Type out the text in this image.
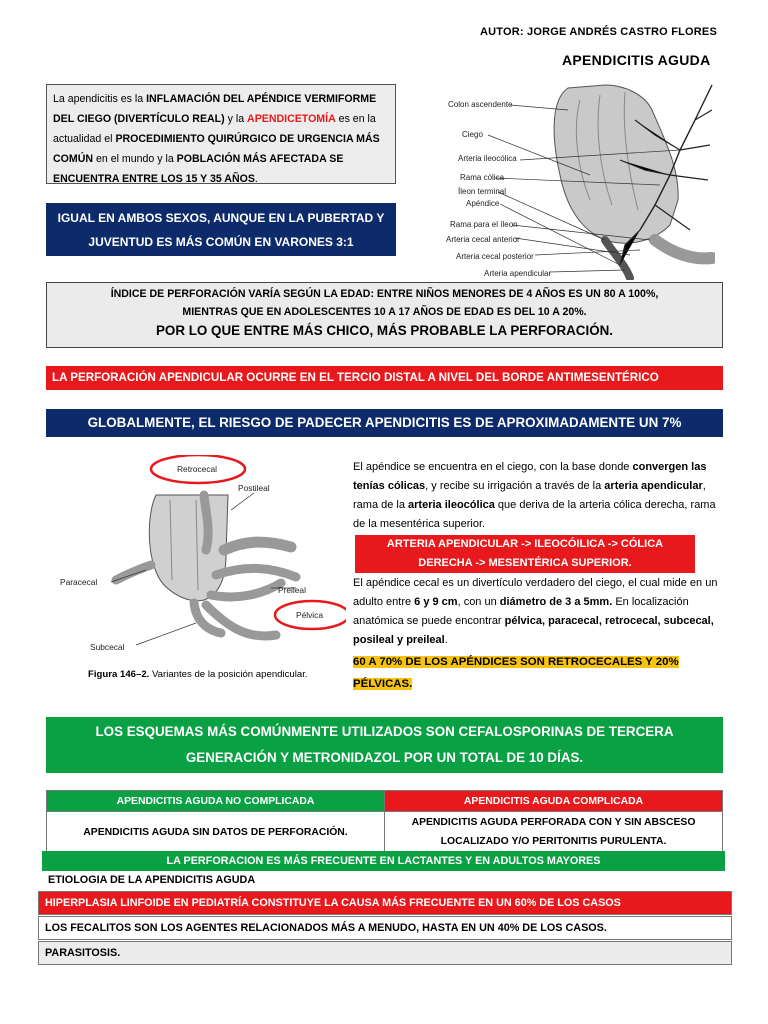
AUTOR: JORGE ANDRÉS CASTRO FLORES
APENDICITIS AGUDA
La apendicitis es la INFLAMACIÓN DEL APÉNDICE VERMIFORME DEL CIEGO (DIVERTÍCULO REAL) y la APENDICETOMÍA es en la actualidad el PROCEDIMIENTO QUIRÚRGICO DE URGENCIA MÁS COMÚN en el mundo y la POBLACIÓN MÁS AFECTADA SE ENCUENTRA ENTRE LOS 15 Y 35 AÑOS.
IGUAL EN AMBOS SEXOS, AUNQUE EN LA PUBERTAD Y
JUVENTUD ES MÁS COMÚN EN VARONES 3:1
Colon ascendente
Ciego
Arteria ileocólica
Rama cólica
Íleon terminal
Apéndice
Rama para el íleon
Arteria cecal anterior
Arteria cecal posterior
Arteria apendicular
ÍNDICE DE PERFORACIÓN VARÍA SEGÚN LA EDAD: ENTRE NIÑOS MENORES DE 4 AÑOS ES UN 80 A 100%,
MIENTRAS QUE EN ADOLESCENTES 10 A 17 AÑOS DE EDAD ES DEL 10 A 20%.
POR LO QUE ENTRE MÁS CHICO, MÁS PROBABLE LA PERFORACIÓN.
LA PERFORACIÓN APENDICULAR OCURRE EN EL TERCIO DISTAL A NIVEL DEL BORDE ANTIMESENTÉRICO
GLOBALMENTE, EL RIESGO DE PADECER APENDICITIS ES DE APROXIMADAMENTE UN 7%
Retrocecal
Postileal
Paracecal
Preileal
Subcecal
Pélvica
Figura 146–2. Variantes de la posición apendicular.

El apéndice se encuentra en el ciego, con la base donde convergen las tenías cólicas, y recibe su irrigación a través de la arteria apendicular, rama de la arteria ileocólica que deriva de la arteria cólica derecha, rama de la mesentérica superior.

ARTERIA APENDICULAR -> ILEOCÓILICA -> CÓLICA
DERECHA -> MESENTÉRICA SUPERIOR.

El apéndice cecal es un divertículo verdadero del ciego, el cual mide en un adulto entre 6 y 9 cm, con un diámetro de 3 a 5mm. En localización anatómica se puede encontrar pélvica, paracecal, retrocecal, subcecal, posileal y preileal.

60 A 70% DE LOS APÉNDICES SON RETROCECALES Y 20%
PÉLVICAS.
LOS ESQUEMAS MÁS COMÚNMENTE UTILIZADOS SON CEFALOSPORINAS DE TERCERA
GENERACIÓN Y METRONIDAZOL POR UN TOTAL DE 10 DÍAS.
APENDICITIS AGUDA NO COMPLICADA	APENDICITIS AGUDA COMPLICADA
APENDICITIS AGUDA SIN DATOS DE PERFORACIÓN.	APENDICITIS AGUDA PERFORADA CON Y SIN ABSCESO
LOCALIZADO Y/O PERITONITIS PURULENTA.
LA PERFORACION ES MÁS FRECUENTE EN LACTANTES Y EN ADULTOS MAYORES
ETIOLOGIA DE LA APENDICITIS AGUDA
HIPERPLASIA LINFOIDE EN PEDIATRÍA CONSTITUYE LA CAUSA MÁS FRECUENTE EN UN 60% DE LOS CASOS
LOS FECALITOS SON LOS AGENTES RELACIONADOS MÁS A MENUDO, HASTA EN UN 40% DE LOS CASOS.
PARASITOSIS.
